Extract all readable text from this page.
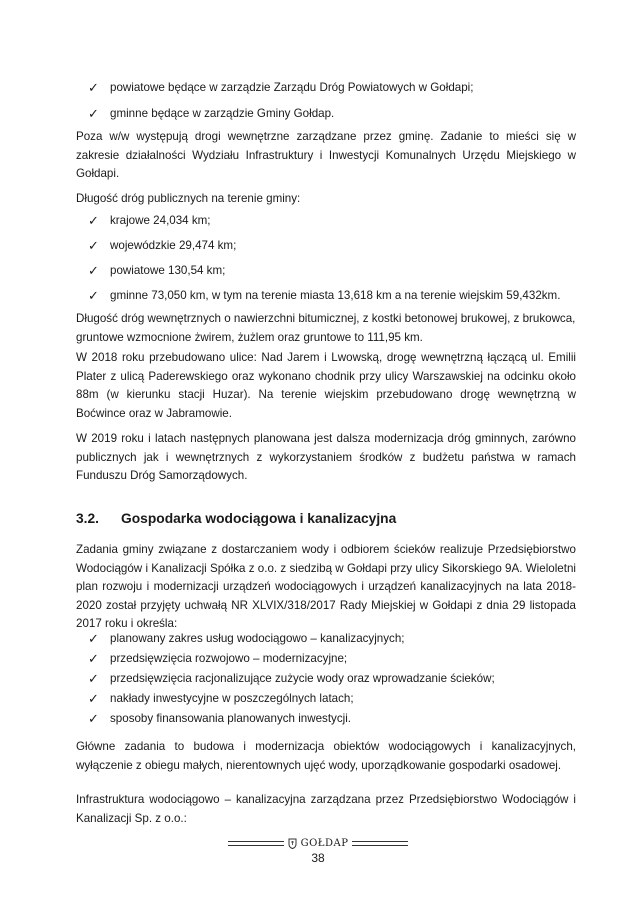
✓ powiatowe będące w zarządzie Zarządu Dróg Powiatowych w Gołdapi;
✓ gminne będące w zarządzie Gminy Gołdap.

Poza w/w występują drogi wewnętrzne zarządzane przez gminę. Zadanie to mieści się w zakresie działalności Wydziału Infrastruktury i Inwestycji Komunalnych Urzędu Miejskiego w Gołdapi.

Długość dróg publicznych na terenie gminy:

✓ krajowe 24,034 km;
✓ wojewódzkie 29,474 km;
✓ powiatowe 130,54 km;
✓ gminne 73,050 km, w tym na terenie miasta 13,618 km a na terenie wiejskim 59,432km.

Długość dróg wewnętrznych o nawierzchni bitumicznej, z kostki betonowej brukowej, z brukowca, gruntowe wzmocnione żwirem, żużlem oraz gruntowe to 111,95 km.

W 2018 roku przebudowano ulice: Nad Jarem i Lwowską, drogę wewnętrzną łączącą ul. Emilii Plater z ulicą Paderewskiego oraz wykonano chodnik przy ulicy Warszawskiej na odcinku około 88m (w kierunku stacji Huzar). Na terenie wiejskim przebudowano drogę wewnętrzną w Boćwince oraz w Jabramowie.

W 2019 roku i latach następnych planowana jest dalsza modernizacja dróg gminnych, zarówno publicznych jak i wewnętrznych z wykorzystaniem środków z budżetu państwa w ramach Funduszu Dróg Samorządowych.

3.2. Gospodarka wodociągowa i kanalizacyjna

Zadania gminy związane z dostarczaniem wody i odbiorem ścieków realizuje Przedsiębiorstwo Wodociągów i Kanalizacji Spółka z o.o. z siedzibą w Gołdapi przy ulicy Sikorskiego 9A. Wieloletni plan rozwoju i modernizacji urządzeń wodociągowych i urządzeń kanalizacyjnych na lata 2018-2020 został przyjęty uchwałą NR XLVIX/318/2017 Rady Miejskiej w Gołdapi z dnia 29 listopada 2017 roku i określa:

✓ planowany zakres usług wodociągowo – kanalizacyjnych;
✓ przedsięwzięcia rozwojowo – modernizacyjne;
✓ przedsięwzięcia racjonalizujące zużycie wody oraz wprowadzanie ścieków;
✓ nakłady inwestycyjne w poszczególnych latach;
✓ sposoby finansowania planowanych inwestycji.

Główne zadania to budowa i modernizacja obiektów wodociągowych i kanalizacyjnych, wyłączenie z obiegu małych, nierentownych ujęć wody, uporządkowanie gospodarki osadowej.

Infrastruktura wodociągowo – kanalizacyjna zarządzana przez Przedsiębiorstwo Wodociągów i Kanalizacji Sp. z o.o.:

GOŁDAP
38
